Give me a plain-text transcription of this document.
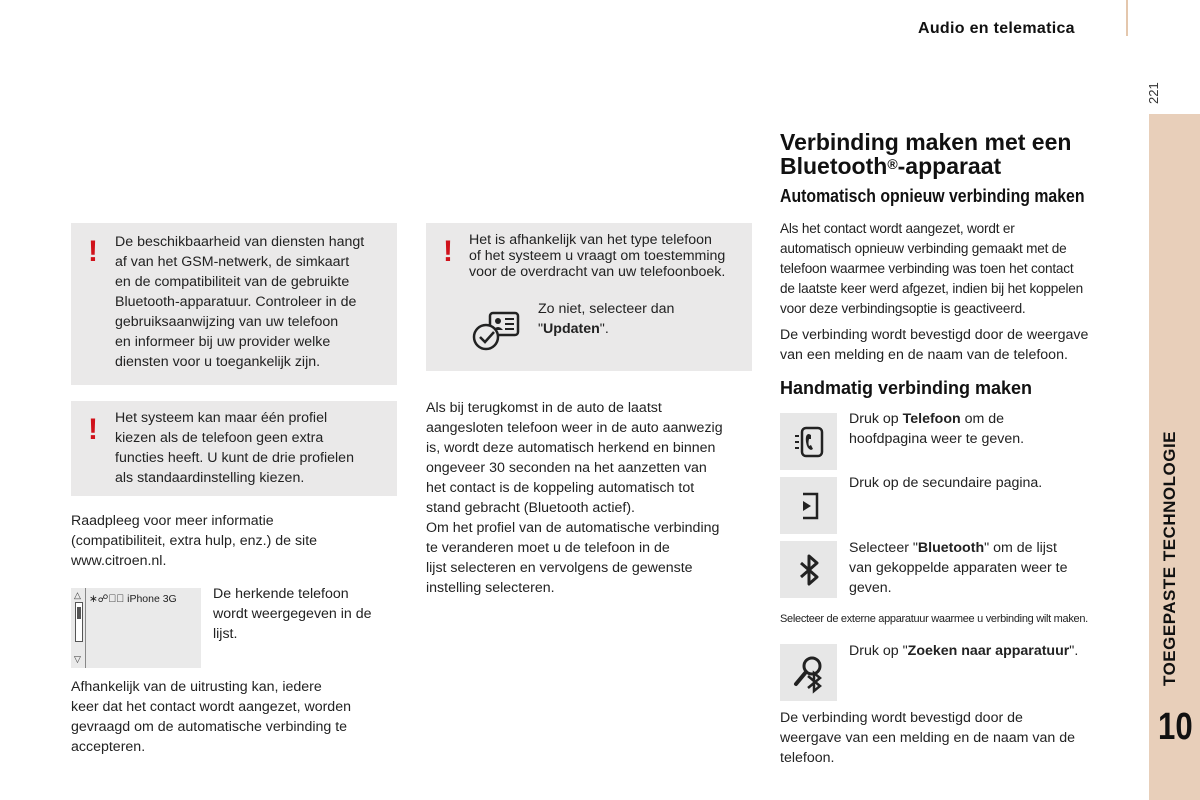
Audio en telematica
221
TOEGEPASTE TECHNOLOGIE
10
! De beschikbaarheid van diensten hangt
af van het GSM-netwerk, de simkaart
en de compatibiliteit van de gebruikte
Bluetooth-apparatuur. Controleer in de
gebruiksaanwijzing van uw telefoon
en informeer bij uw provider welke
diensten voor u toegankelijk zijn.

! Het systeem kan maar één profiel
kiezen als de telefoon geen extra
functies heeft. U kunt de drie profielen
als standaardinstelling kiezen.

Raadpleeg voor meer informatie
(compatibiliteit, extra hulp, enz.) de site
www.citroen.nl.
△
▽
∗☍▦⃞ iPhone 3G	De herkende telefoon
wordt weergegeven in de
lijst.
Afhankelijk van de uitrusting kan, iedere
keer dat het contact wordt aangezet, worden
gevraagd om de automatische verbinding te
accepteren.
! Het is afhankelijk van het type telefoon
of het systeem u vraagt om toestemming
voor de overdracht van uw telefoonboek.

Zo niet, selecteer dan
"Updaten".

Als bij terugkomst in de auto de laatst
aangesloten telefoon weer in de auto aanwezig
is, wordt deze automatisch herkend en binnen
ongeveer 30 seconden na het aanzetten van
het contact is de koppeling automatisch tot
stand gebracht (Bluetooth actief).
Om het profiel van de automatische verbinding
te veranderen moet u de telefoon in de
lijst selecteren en vervolgens de gewenste
instelling selecteren.
Verbinding maken met een
Bluetooth®-apparaat
Automatisch opnieuw verbinding maken
Als het contact wordt aangezet, wordt er
automatisch opnieuw verbinding gemaakt met de
telefoon waarmee verbinding was toen het contact
de laatste keer werd afgezet, indien bij het koppelen
voor deze verbindingsoptie is geactiveerd.
De verbinding wordt bevestigd door de weergave
van een melding en de naam van de telefoon.
Handmatig verbinding maken
Druk op Telefoon om de
hoofdpagina weer te geven.
Druk op de secundaire pagina.
Selecteer "Bluetooth" om de lijst
van gekoppelde apparaten weer te
geven.
Selecteer de externe apparatuur waarmee u verbinding wilt maken.
Druk op "Zoeken naar apparatuur".
De verbinding wordt bevestigd door de
weergave van een melding en de naam van de
telefoon.
